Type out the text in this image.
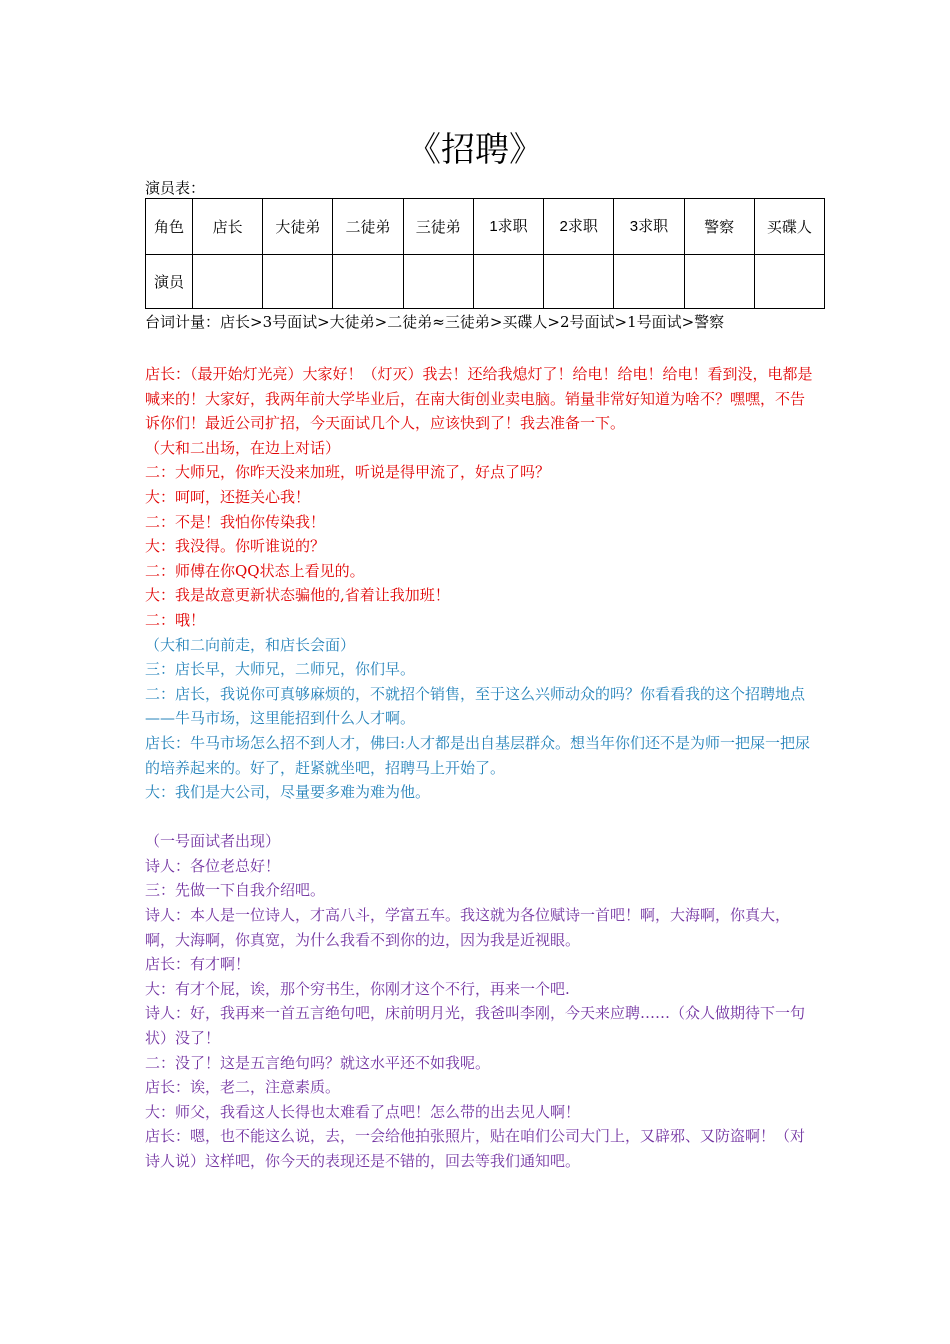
《招聘》
演员表：
角色	店长	大徒弟	二徒弟	三徒弟	1求职	2求职	3求职	警察	买碟人
演员									
台词计量：店长>3号面试>大徒弟>二徒弟≈三徒弟>买碟人>2号面试>1号面试>警察

店长：（最开始灯光亮）大家好！（灯灭）我去！还给我熄灯了！给电！给电！给电！看到没，电都是喊来的！大家好，我两年前大学毕业后，在南大街创业卖电脑。销量非常好知道为啥不？嘿嘿，不告诉你们！最近公司扩招，今天面试几个人，应该快到了！我去准备一下。

（大和二出场，在边上对话）

二：大师兄，你昨天没来加班，听说是得甲流了，好点了吗？

大：呵呵，还挺关心我！

二：不是！我怕你传染我！

大：我没得。你听谁说的？

二：师傅在你QQ状态上看见的。

大：我是故意更新状态骗他的,省着让我加班！

二：哦！

（大和二向前走，和店长会面）

三：店长早，大师兄，二师兄，你们早。

二：店长，我说你可真够麻烦的，不就招个销售，至于这么兴师动众的吗？你看看我的这个招聘地点——牛马市场，这里能招到什么人才啊。

店长：牛马市场怎么招不到人才，佛曰:人才都是出自基层群众。想当年你们还不是为师一把屎一把尿的培养起来的。好了，赶紧就坐吧，招聘马上开始了。

大：我们是大公司，尽量要多难为难为他。

（一号面试者出现）

诗人：各位老总好！

三：先做一下自我介绍吧。

诗人：本人是一位诗人，才高八斗，学富五车。我这就为各位赋诗一首吧！啊，大海啊，你真大，啊，大海啊，你真宽，为什么我看不到你的边，因为我是近视眼。

店长：有才啊！

大：有才个屁，诶，那个穷书生，你刚才这个不行，再来一个吧.

诗人：好，我再来一首五言绝句吧，床前明月光，我爸叫李刚，今天来应聘……（众人做期待下一句状）没了！

二：没了！这是五言绝句吗？就这水平还不如我呢。

店长：诶，老二，注意素质。

大：师父，我看这人长得也太难看了点吧！怎么带的出去见人啊！

店长：嗯，也不能这么说，去，一会给他拍张照片，贴在咱们公司大门上，又辟邪、又防盗啊！（对诗人说）这样吧，你今天的表现还是不错的，回去等我们通知吧。
